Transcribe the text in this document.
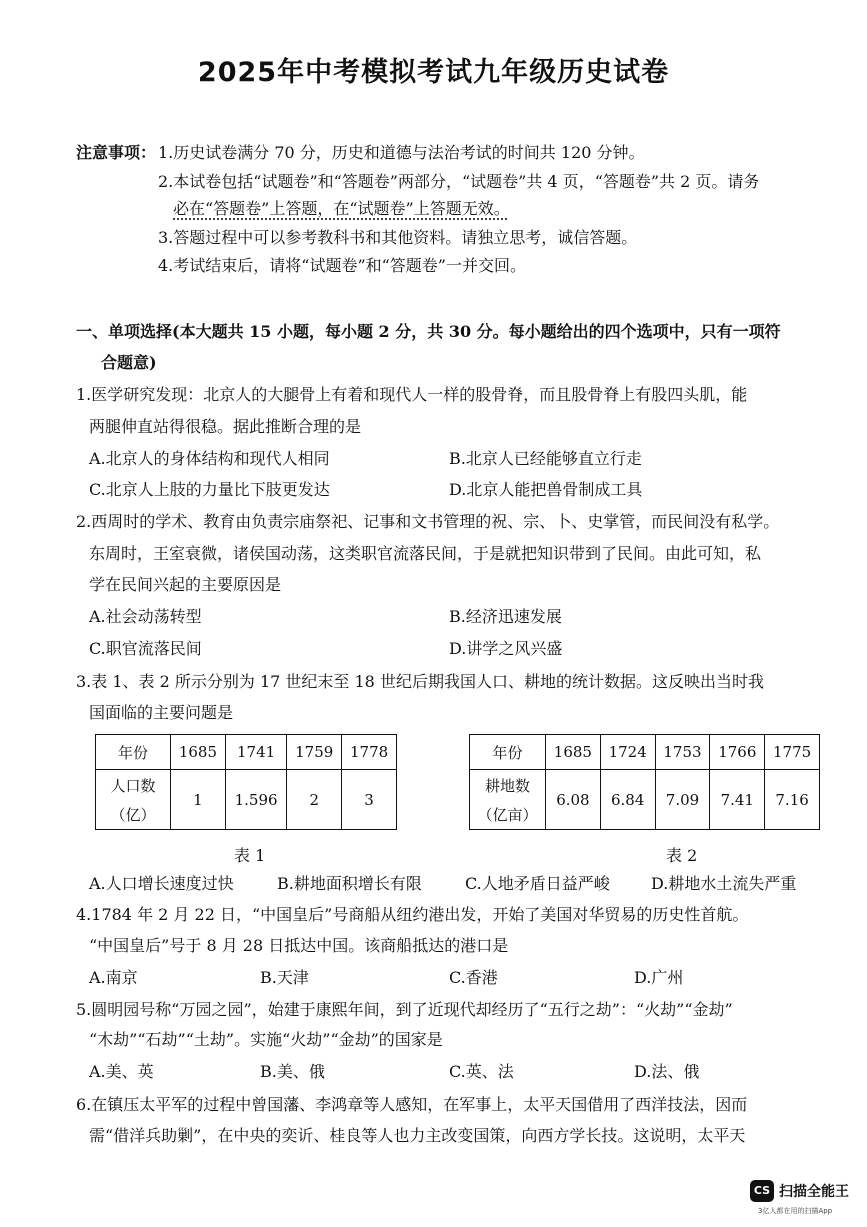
2025年中考模拟考试九年级历史试卷
注意事项： 1.历史试卷满分 70 分，历史和道德与法治考试的时间共 120 分钟。
2.本试卷包括“试题卷”和“答题卷”两部分，“试题卷”共 4 页，“答题卷”共 2 页。请务
必在“答题卷”上答题，在“试题卷”上答题无效。
3.答题过程中可以参考教科书和其他资料。请独立思考，诚信答题。
4.考试结束后，请将“试题卷”和“答题卷”一并交回。
一、单项选择(本大题共 15 小题，每小题 2 分，共 30 分。每小题给出的四个选项中，只有一项符
合题意)
1.医学研究发现：北京人的大腿骨上有着和现代人一样的股骨脊，而且股骨脊上有股四头肌，能
两腿伸直站得很稳。据此推断合理的是
A.北京人的身体结构和现代人相同	B.北京人已经能够直立行走
C.北京人上肢的力量比下肢更发达	D.北京人能把兽骨制成工具
2.西周时的学术、教育由负责宗庙祭祀、记事和文书管理的祝、宗、卜、史掌管，而民间没有私学。
东周时，王室衰微，诸侯国动荡，这类职官流落民间，于是就把知识带到了民间。由此可知，私
学在民间兴起的主要原因是
A.社会动荡转型	B.经济迅速发展
C.职官流落民间	D.讲学之风兴盛
3.表 1、表 2 所示分别为 17 世纪末至 18 世纪后期我国人口、耕地的统计数据。这反映出当时我
国面临的主要问题是
年份	1685	1741	1759	1778

人口数
（亿）	1	1.596	2	3
表 1
年份	1685	1724	1753	1766	1775

耕地数
（亿亩）	6.08	6.84	7.09	7.41	7.16
表 2
A.人口增长速度过快	B.耕地面积增长有限	C.人地矛盾日益严峻	D.耕地水土流失严重
4.1784 年 2 月 22 日，“中国皇后”号商船从纽约港出发，开始了美国对华贸易的历史性首航。
“中国皇后”号于 8 月 28 日抵达中国。该商船抵达的港口是
A.南京	B.天津	C.香港	D.广州
5.圆明园号称“万园之园”，始建于康熙年间，到了近现代却经历了“五行之劫”：“火劫”“金劫”
“木劫”“石劫”“土劫”。实施“火劫”“金劫”的国家是
A.美、英	B.美、俄	C.英、法	D.法、俄
6.在镇压太平军的过程中曾国藩、李鸿章等人感知，在军事上，太平天国借用了西洋技法，因而
需“借洋兵助剿”，在中央的奕䜣、桂良等人也力主改变国策，向西方学长技。这说明，太平天
CS 扫描全能王
3亿人都在用的扫描App
